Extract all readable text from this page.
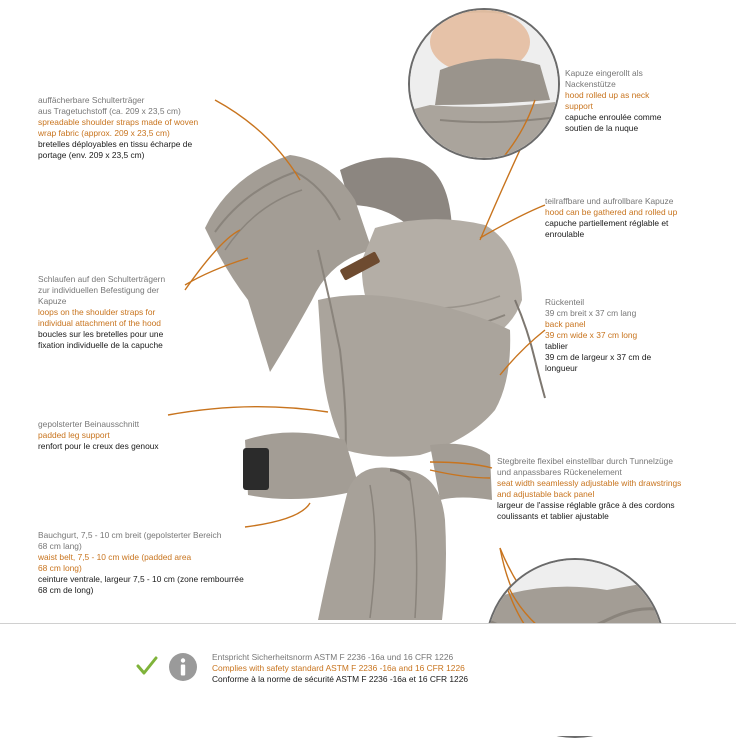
auffächerbare Schulterträger
aus Tragetuchstoff (ca. 209 x 23,5 cm)
spreadable shoulder straps made of woven
wrap fabric (approx. 209 x 23,5 cm)
bretelles déployables en tissu écharpe de
portage (env. 209 x 23,5 cm)
Schlaufen auf den Schulterträgern
zur individuellen Befestigung der
Kapuze
loops on the shoulder straps for
individual attachment of the hood
boucles sur les bretelles pour une
fixation individuelle de la capuche
gepolsterter Beinausschnitt
padded leg support
renfort pour le creux des genoux
Bauchgurt, 7,5 - 10 cm breit (gepolsterter Bereich
68 cm lang)
waist belt, 7,5 - 10 cm wide (padded area
68 cm long)
ceinture ventrale, largeur 7,5 - 10 cm (zone rembourrée
68 cm de long)
Kapuze eingerollt als
Nackenstütze
hood rolled up as neck
support
capuche enroulée comme
soutien de la nuque
teilraffbare und aufrollbare Kapuze
hood can be gathered and rolled up
capuche partiellement réglable et
enroulable
Rückenteil
39 cm breit x 37 cm lang
back panel
39 cm wide x 37 cm long
tablier
39 cm de largeur x 37 cm de
longueur
Stegbreite flexibel einstellbar durch Tunnelzüge
und anpassbares Rückenelement
seat width seamlessly adjustable with drawstrings
and adjustable back panel
largeur de l'assise réglable grâce à des cordons
coulissants et tablier ajustable
Entspricht Sicherheitsnorm ASTM F 2236 -16a und 16 CFR 1226
Complies with safety standard ASTM F 2236 -16a and 16 CFR 1226
Conforme à la norme de sécurité ASTM F 2236 -16a et 16 CFR 1226
